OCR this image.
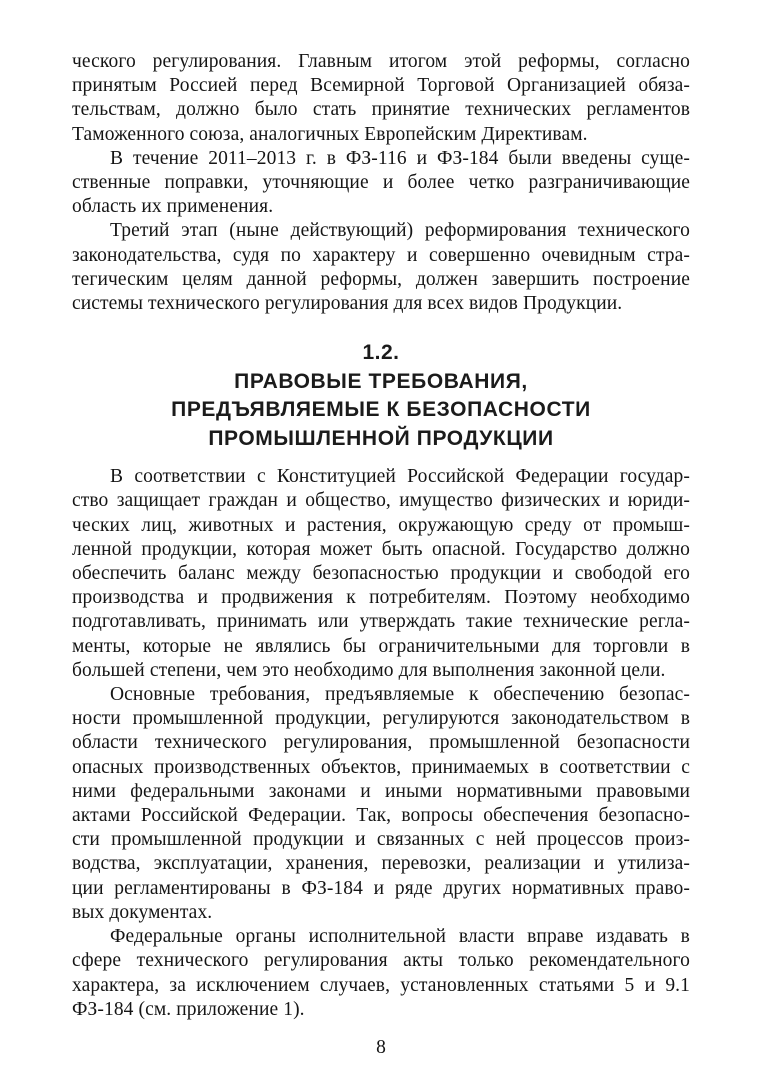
ческого регулирования. Главным итогом этой реформы, согласно
принятым Россией перед Всемирной Торговой Организацией обяза-
тельствам, должно было стать принятие технических регламентов
Таможенного союза, аналогичных Европейским Директивам.
В течение 2011–2013 г. в ФЗ-116 и ФЗ-184 были введены суще-
ственные поправки, уточняющие и более четко разграничивающие
область их применения.
Третий этап (ныне действующий) реформирования технического
законодательства, судя по характеру и совершенно очевидным стра-
тегическим целям данной реформы, должен завершить построение
системы технического регулирования для всех видов Продукции.
1.2.
ПРАВОВЫЕ ТРЕБОВАНИЯ,
ПРЕДЪЯВЛЯЕМЫЕ К БЕЗОПАСНОСТИ
ПРОМЫШЛЕННОЙ ПРОДУКЦИИ
В соответствии с Конституцией Российской Федерации государ-
ство защищает граждан и общество, имущество физических и юриди-
ческих лиц, животных и растения, окружающую среду от промыш-
ленной продукции, которая может быть опасной. Государство должно
обеспечить баланс между безопасностью продукции и свободой его
производства и продвижения к потребителям. Поэтому необходимо
подготавливать, принимать или утверждать такие технические регла-
менты, которые не являлись бы ограничительными для торговли в
большей степени, чем это необходимо для выполнения законной цели.
Основные требования, предъявляемые к обеспечению безопас-
ности промышленной продукции, регулируются законодательством в
области технического регулирования, промышленной безопасности
опасных производственных объектов, принимаемых в соответствии с
ними федеральными законами и иными нормативными правовыми
актами Российской Федерации. Так, вопросы обеспечения безопасно-
сти промышленной продукции и связанных с ней процессов произ-
водства, эксплуатации, хранения, перевозки, реализации и утилиза-
ции регламентированы в ФЗ-184 и ряде других нормативных право-
вых документах.
Федеральные органы исполнительной власти вправе издавать в
сфере технического регулирования акты только рекомендательного
характера, за исключением случаев, установленных статьями 5 и 9.1
ФЗ-184 (см. приложение 1).
8
